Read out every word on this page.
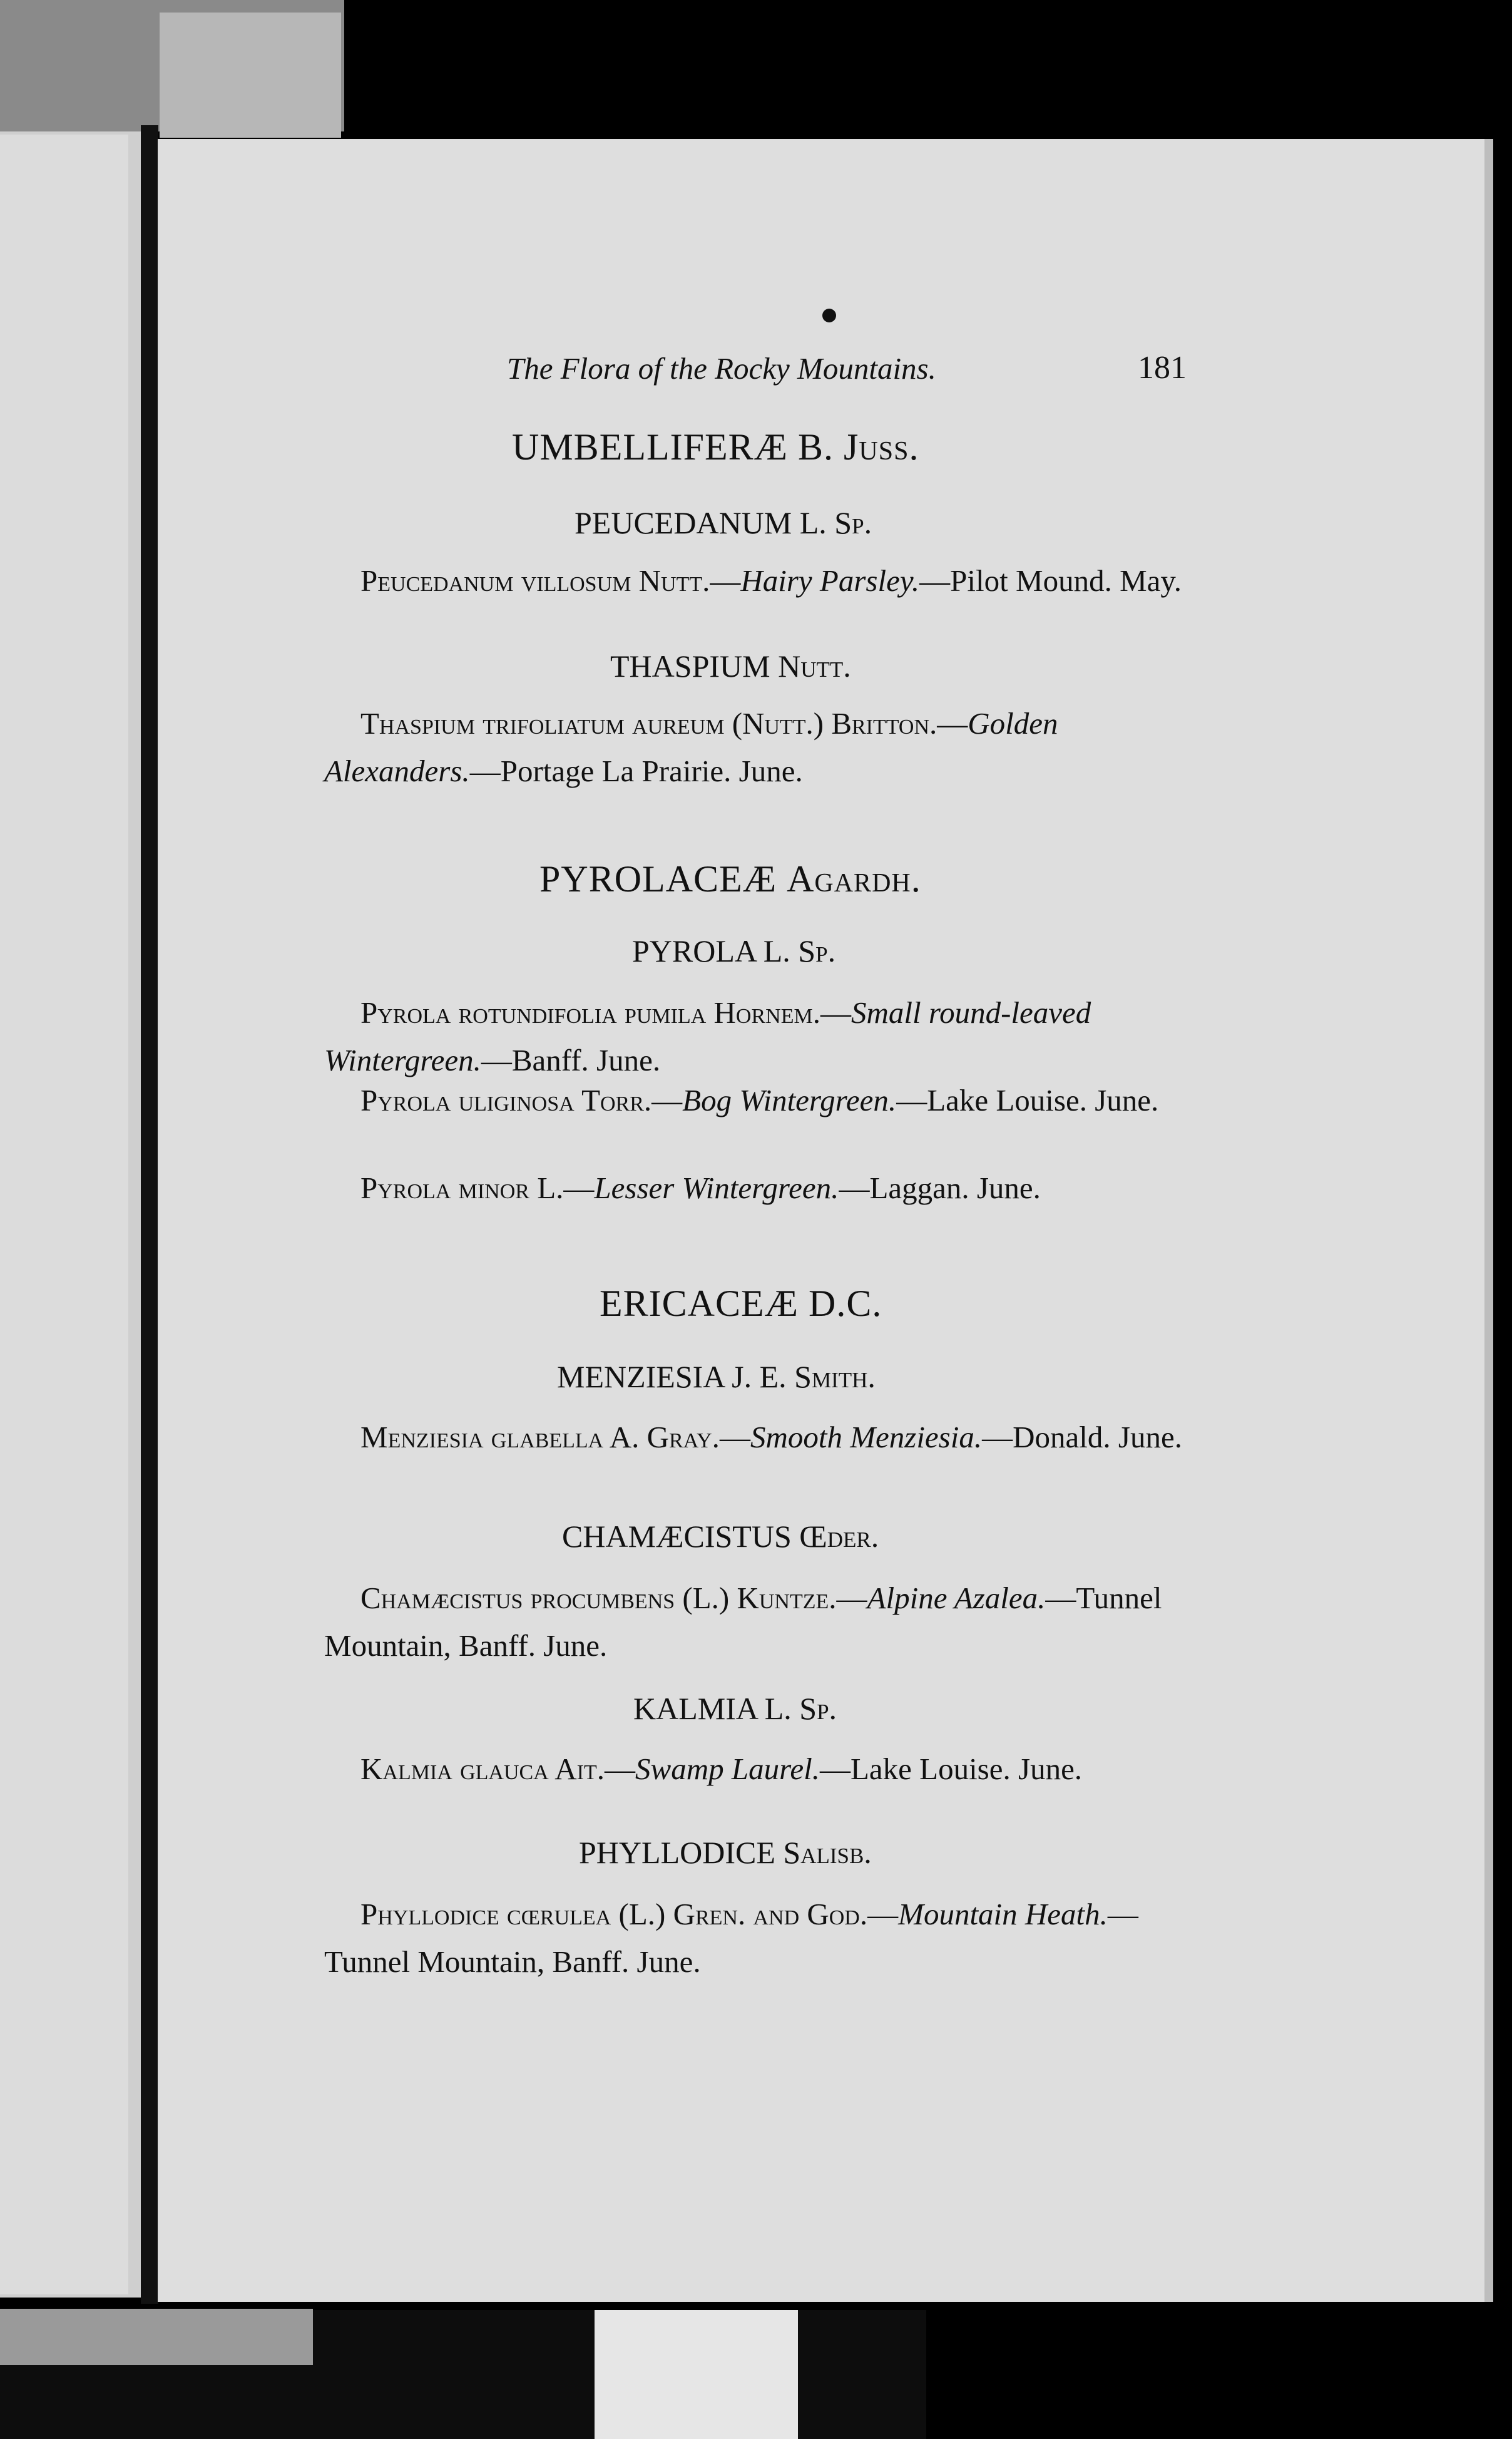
The Flora of the Rocky Mountains.	181
UMBELLIFERÆ B. Juss.
PEUCEDANUM L. Sp.
Peucedanum villosum Nutt.—Hairy Parsley.—Pilot Mound. May.
THASPIUM Nutt.
Thaspium trifoliatum aureum (Nutt.) Britton.—Golden Alexanders.—Portage La Prairie. June.
PYROLACEÆ Agardh.
PYROLA L. Sp.
Pyrola rotundifolia pumila Hornem.—Small round-leaved Wintergreen.—Banff. June.
Pyrola uliginosa Torr.—Bog Wintergreen.—Lake Louise. June.
Pyrola minor L.—Lesser Wintergreen.—Laggan. June.
ERICACEÆ D.C.
MENZIESIA J. E. Smith.
Menziesia glabella A. Gray.—Smooth Menziesia.—Donald. June.
CHAMÆCISTUS Œder.
Chamæcistus procumbens (L.) Kuntze.—Alpine Azalea.—Tunnel Mountain, Banff. June.
KALMIA L. Sp.
Kalmia glauca Ait.—Swamp Laurel.—Lake Louise. June.
PHYLLODICE Salisb.
Phyllodice cœrulea (L.) Gren. and God.—Mountain Heath.—Tunnel Mountain, Banff. June.
